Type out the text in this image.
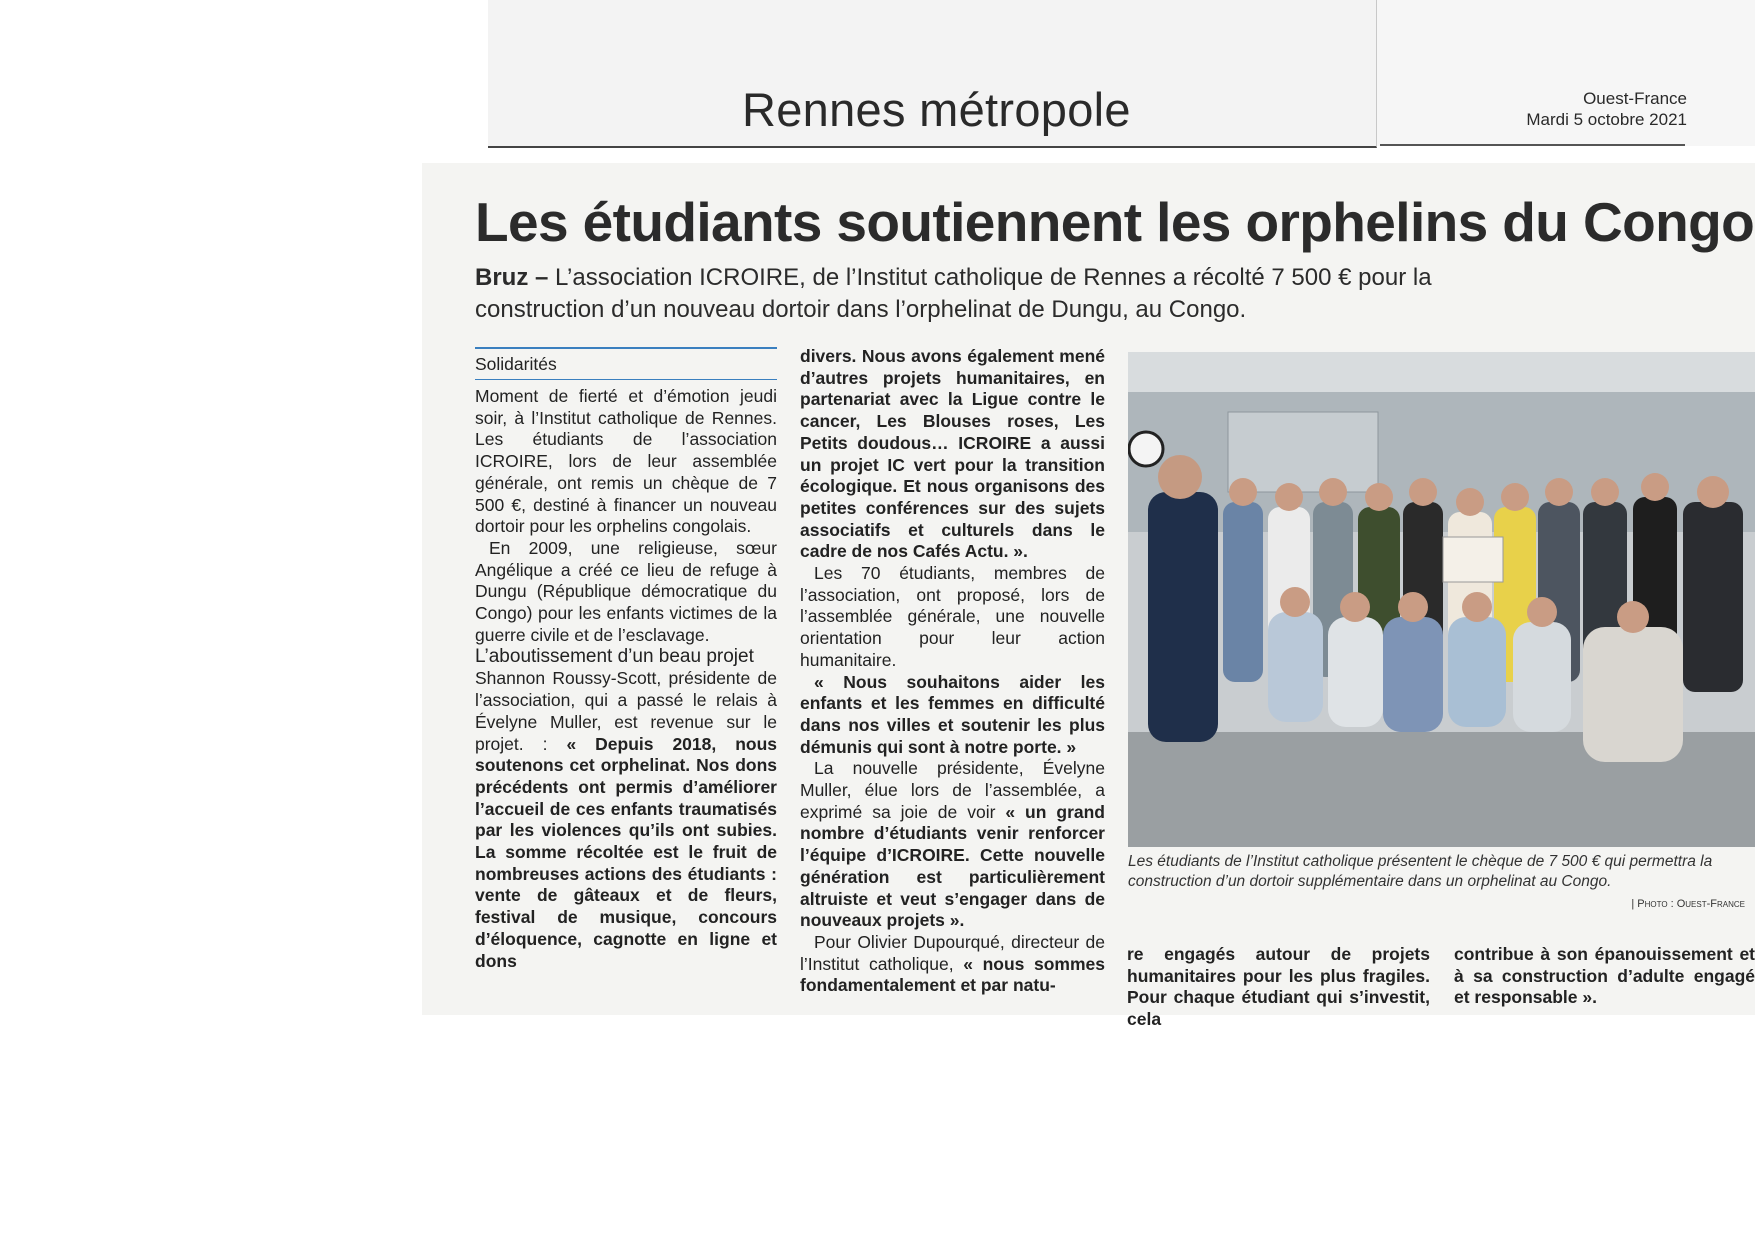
Rennes métropole	Ouest-France
Mardi 5 octobre 2021
Les étudiants soutiennent les orphelins du Congo
Bruz – L’association ICROIRE, de l’Institut catholique de Rennes a récolté 7 500 € pour la construction d’un nouveau dortoir dans l’orphelinat de Dungu, au Congo.
Solidarités

Moment de fierté et d’émotion jeudi soir, à l’Institut catholique de Rennes. Les étudiants de l’association ICROIRE, lors de leur assemblée générale, ont remis un chèque de 7 500 €, destiné à financer un nouveau dortoir pour les orphelins congolais.

En 2009, une religieuse, sœur Angélique a créé ce lieu de refuge à Dungu (République démocratique du Congo) pour les enfants victimes de la guerre civile et de l’esclavage.

L’aboutissement d’un beau projet

Shannon Roussy-Scott, présidente de l’association, qui a passé le relais à Évelyne Muller, est revenue sur le projet. : « Depuis 2018, nous soutenons cet orphelinat. Nos dons précédents ont permis d’améliorer l’accueil de ces enfants traumatisés par les violences qu’ils ont subies. La somme récoltée est le fruit de nombreuses actions des étudiants : vente de gâteaux et de fleurs, festival de musique, concours d’éloquence, cagnotte en ligne et dons

divers. Nous avons également mené d’autres projets humanitaires, en partenariat avec la Ligue contre le cancer, Les Blouses roses, Les Petits doudous… ICROIRE a aussi un projet IC vert pour la transition écologique. Et nous organisons des petites conférences sur des sujets associatifs et culturels dans le cadre de nos Cafés Actu. ».

Les 70 étudiants, membres de l’association, ont proposé, lors de l’assemblée générale, une nouvelle orientation pour leur action humanitaire.

« Nous souhaitons aider les enfants et les femmes en difficulté dans nos villes et soutenir les plus démunis qui sont à notre porte. »

La nouvelle présidente, Évelyne Muller, élue lors de l’assemblée, a exprimé sa joie de voir « un grand nombre d’étudiants venir renforcer l’équipe d’ICROIRE. Cette nouvelle génération est particulièrement altruiste et veut s’engager dans de nouveaux projets ».

Pour Olivier Dupourqué, directeur de l’Institut catholique, « nous sommes fondamentalement et par natu-

Les étudiants de l’Institut catholique présentent le chèque de 7 500 € qui permettra la construction d’un dortoir supplémentaire dans un orphelinat au Congo.
| Photo : Ouest-France

re engagés autour de projets humanitaires pour les plus fragiles. Pour chaque étudiant qui s’investit, cela

contribue à son épanouissement et à sa construction d’adulte engagé et responsable ».
